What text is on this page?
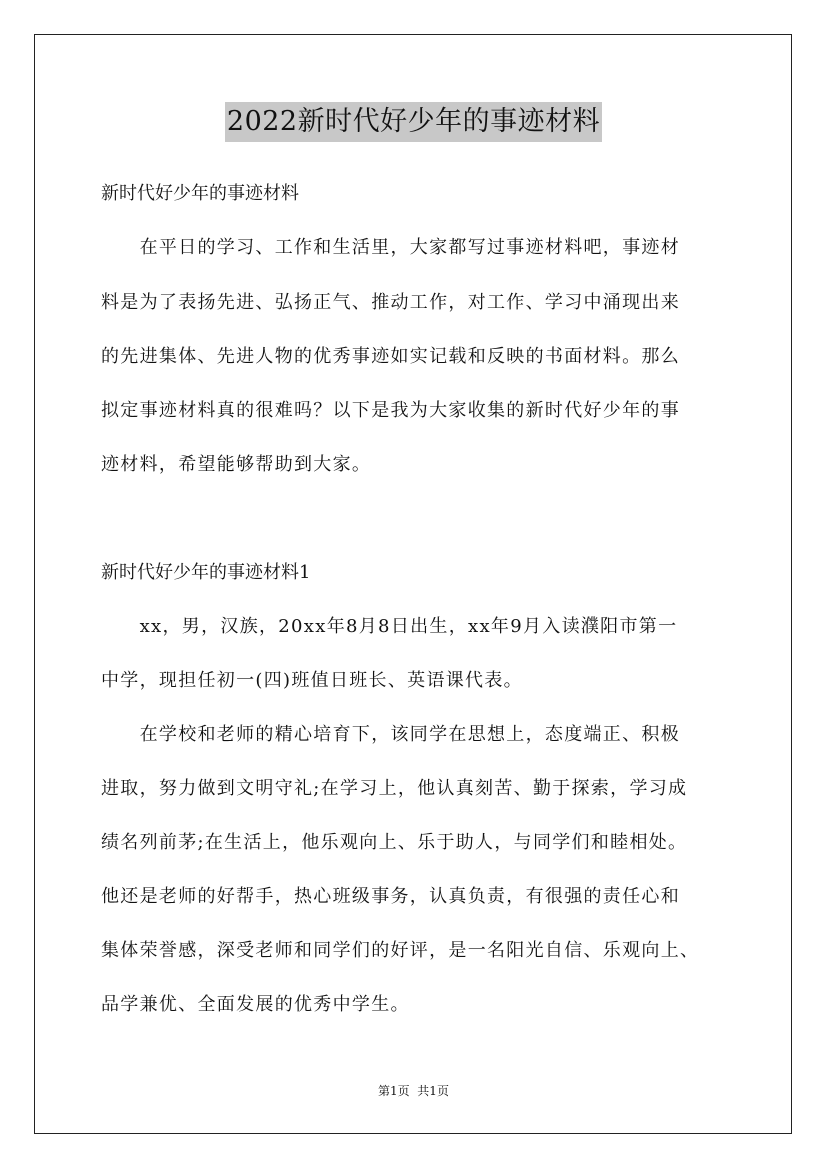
2022新时代好少年的事迹材料
新时代好少年的事迹材料
　　在平日的学习、工作和生活里，大家都写过事迹材料吧，事迹材
料是为了表扬先进、弘扬正气、推动工作，对工作、学习中涌现出来
的先进集体、先进人物的优秀事迹如实记载和反映的书面材料。那么
拟定事迹材料真的很难吗？以下是我为大家收集的新时代好少年的事
迹材料，希望能够帮助到大家。
新时代好少年的事迹材料1
　　xx，男，汉族，20xx年8月8日出生，xx年9月入读濮阳市第一
中学，现担任初一(四)班值日班长、英语课代表。
　　在学校和老师的精心培育下，该同学在思想上，态度端正、积极
进取，努力做到文明守礼;在学习上，他认真刻苦、勤于探索，学习成
绩名列前茅;在生活上，他乐观向上、乐于助人，与同学们和睦相处。
他还是老师的好帮手，热心班级事务，认真负责，有很强的责任心和
集体荣誉感，深受老师和同学们的好评，是一名阳光自信、乐观向上、
品学兼优、全面发展的优秀中学生。
第1页  共1页
